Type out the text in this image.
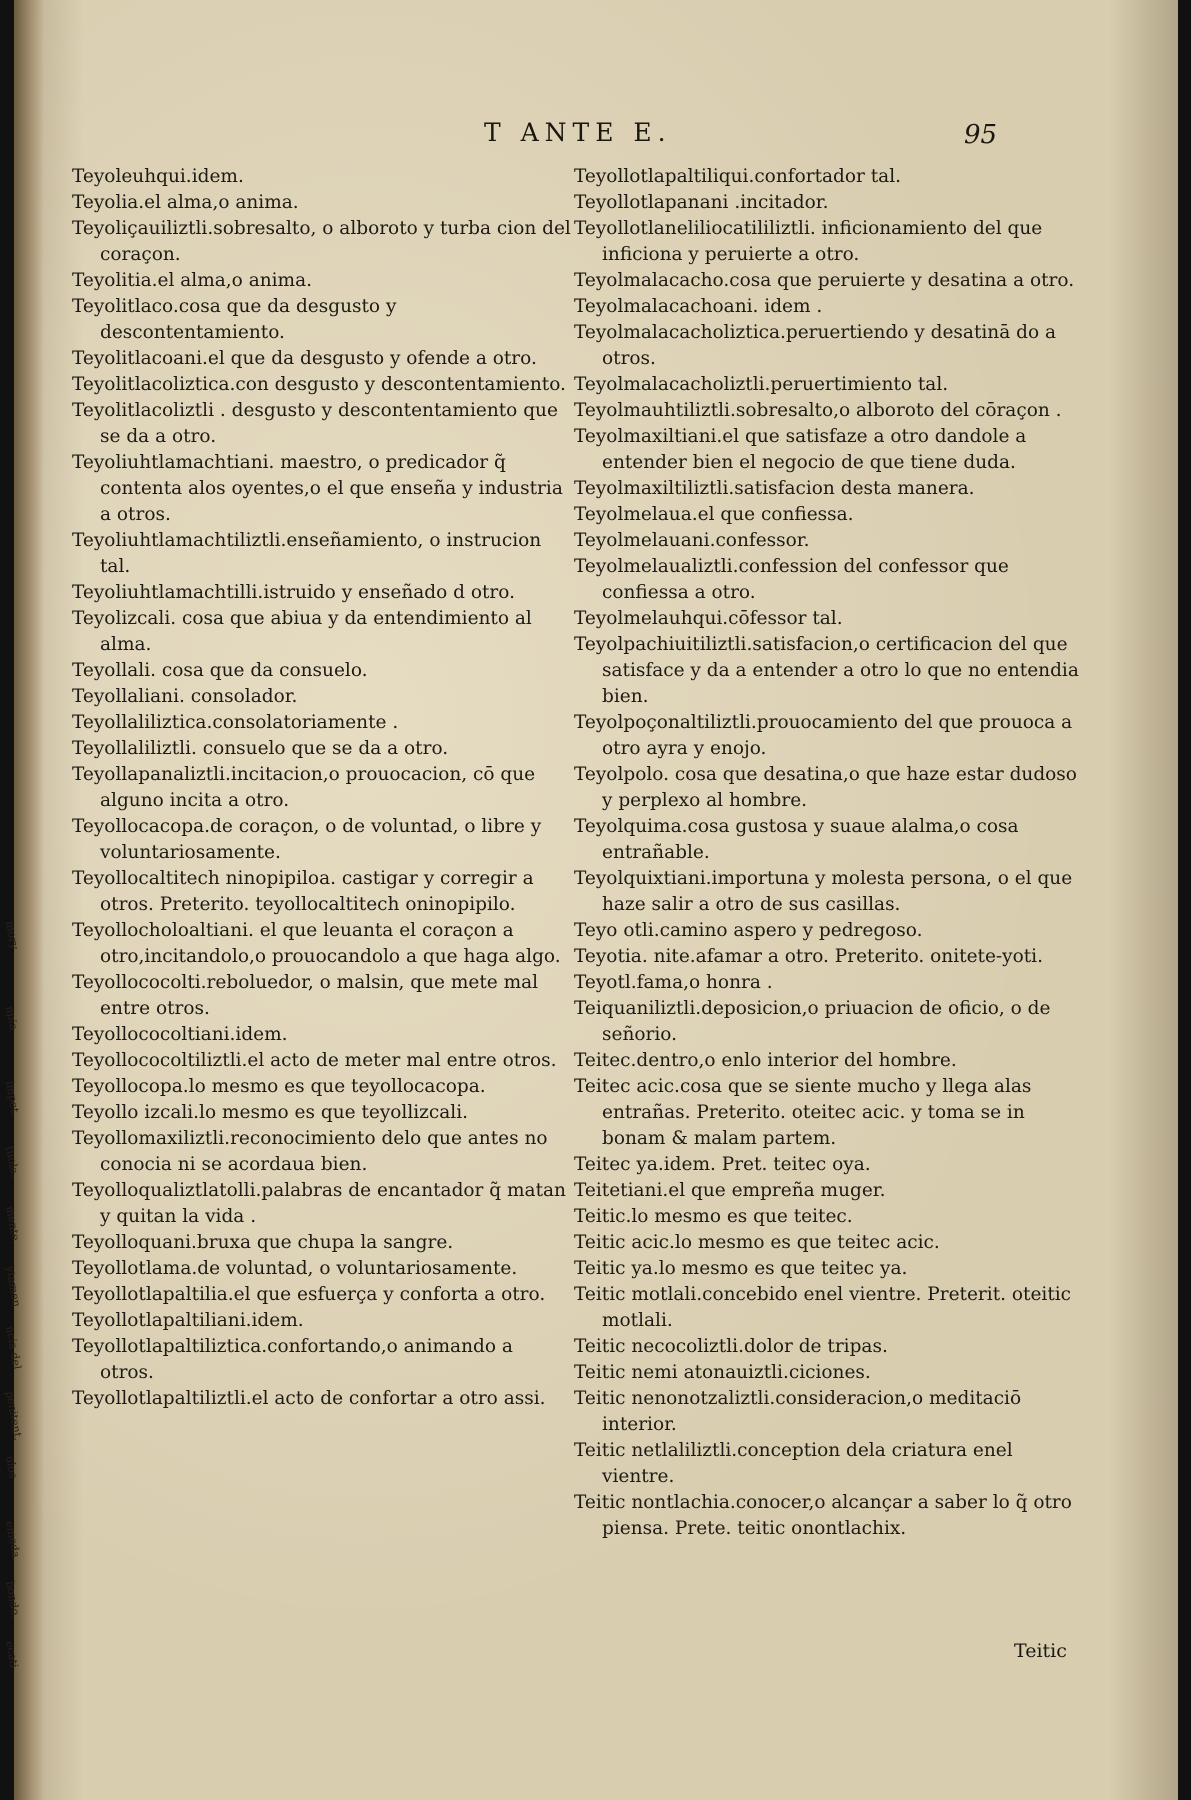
mory
npia
impet.
tuola.
mente.
ytamen
ncia del
penitent.
olos
emeda.
bondo.
ecati
T ANTE E.	95
Teyoleuhqui.idem.
Teyolia.el alma,o anima.
Teyoliçauiliztli.sobresalto, o alboroto y turba cion del coraçon.
Teyolitia.el alma,o anima.
Teyolitlaco.cosa que da desgusto y descontentamiento.
Teyolitlacoani.el que da desgusto y ofende a otro.
Teyolitlacoliztica.con desgusto y descontentamiento.
Teyolitlacoliztli . desgusto y descontentamiento que se da a otro.
Teyoliuhtlamachtiani. maestro, o predicador q̃ contenta alos oyentes,o el que enseña y industria a otros.
Teyoliuhtlamachtiliztli.enseñamiento, o instrucion tal.
Teyoliuhtlamachtilli.istruido y enseñado d otro.
Teyolizcali. cosa que abiua y da entendimiento al alma.
Teyollali. cosa que da consuelo.
Teyollaliani. consolador.
Teyollaliliztica.consolatoriamente .
Teyollaliliztli. consuelo que se da a otro.
Teyollapanaliztli.incitacion,o prouocacion, cō que alguno incita a otro.
Teyollocacopa.de coraçon, o de voluntad, o libre y voluntariosamente.
Teyollocaltitech ninopipiloa. castigar y corregir a otros. Preterito. teyollocaltitech oninopipilo.
Teyollocholoaltiani. el que leuanta el coraçon a otro,incitandolo,o prouocandolo a que haga algo.
Teyollococolti.reboluedor, o malsin, que mete mal entre otros.
Teyollococoltiani.idem.
Teyollococoltiliztli.el acto de meter mal entre otros.
Teyollocopa.lo mesmo es que teyollocacopa.
Teyollo izcali.lo mesmo es que teyollizcali.
Teyollomaxiliztli.reconocimiento delo que antes no conocia ni se acordaua bien.
Teyolloqualiztlatolli.palabras de encantador q̃ matan y quitan la vida .
Teyolloquani.bruxa que chupa la sangre.
Teyollotlama.de voluntad, o voluntariosamente.
Teyollotlapaltilia.el que esfuerça y conforta a otro.
Teyollotlapaltiliani.idem.
Teyollotlapaltiliztica.confortando,o animando a otros.
Teyollotlapaltiliztli.el acto de confortar a otro assi.
Teyollotlapaltiliqui.confortador tal.
Teyollotlapanani .incitador.
Teyollotlaneliliocatililiztli. inficionamiento del que inficiona y peruierte a otro.
Teyolmalacacho.cosa que peruierte y desatina a otro.
Teyolmalacachoani. idem .
Teyolmalacacholiztica.peruertiendo y desatinā do a otros.
Teyolmalacacholiztli.peruertimiento tal.
Teyolmauhtiliztli.sobresalto,o alboroto del cōraçon .
Teyolmaxiltiani.el que satisfaze a otro dandole a entender bien el negocio de que tiene duda.
Teyolmaxiltiliztli.satisfacion desta manera.
Teyolmelaua.el que confiessa.
Teyolmelauani.confessor.
Teyolmelaualiztli.confession del confessor que confiessa a otro.
Teyolmelauhqui.cōfessor tal.
Teyolpachiuitiliztli.satisfacion,o certificacion del que satisface y da a entender a otro lo que no entendia bien.
Teyolpoçonaltiliztli.prouocamiento del que prouoca a otro ayra y enojo.
Teyolpolo. cosa que desatina,o que haze estar dudoso y perplexo al hombre.
Teyolquima.cosa gustosa y suaue alalma,o cosa entrañable.
Teyolquixtiani.importuna y molesta persona, o el que haze salir a otro de sus casillas.
Teyo otli.camino aspero y pedregoso.
Teyotia. nite.afamar a otro. Preterito. onitete-yoti.
Teyotl.fama,o honra .
Teiquaniliztli.deposicion,o priuacion de oficio, o de señorio.
Teitec.dentro,o enlo interior del hombre.
Teitec acic.cosa que se siente mucho y llega alas entrañas. Preterito. oteitec acic. y toma se in bonam & malam partem.
Teitec ya.idem. Pret. teitec oya.
Teitetiani.el que empreña muger.
Teitic.lo mesmo es que teitec.
Teitic acic.lo mesmo es que teitec acic.
Teitic ya.lo mesmo es que teitec ya.
Teitic motlali.concebido enel vientre. Preterit. oteitic motlali.
Teitic necocoliztli.dolor de tripas.
Teitic nemi atonauiztli.ciciones.
Teitic nenonotzaliztli.consideracion,o meditaciō interior.
Teitic netlaliliztli.conception dela criatura enel vientre.
Teitic nontlachia.conocer,o alcançar a saber lo q̃ otro piensa. Prete. teitic onontlachix.
Teitic
